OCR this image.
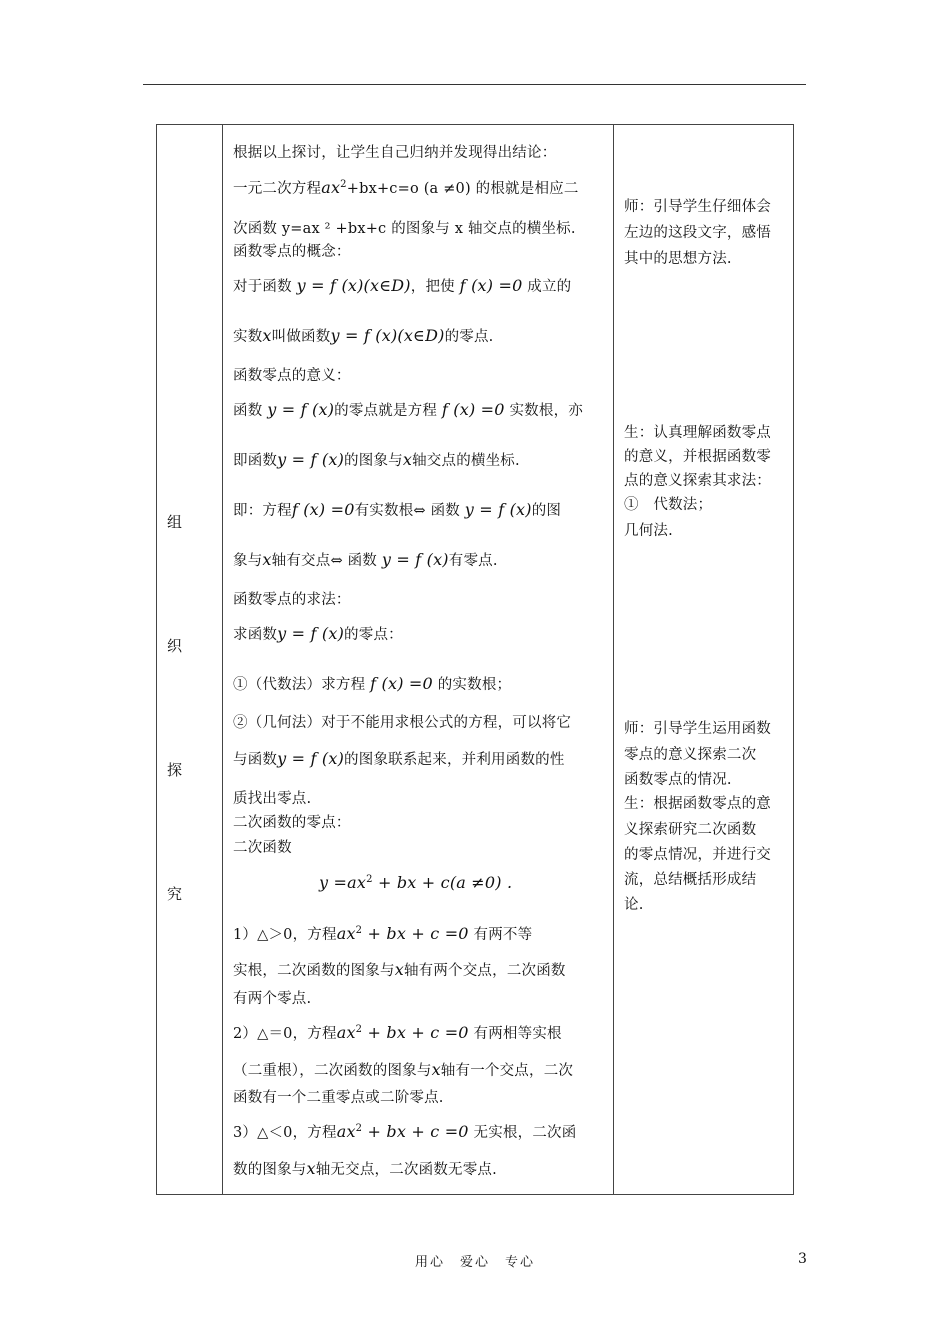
组
织
探
究
根据以上探讨，让学生自己归纳并发现得出结论：
一元二次方程$ax^2+bx+c=o$ (a ≠0) 的根就是相应二
次函数 y=ax ² +bx+c 的图象与 x 轴交点的横坐标.
函数零点的概念：
对于函数 y = f (x)(x∈D)，把使 f (x) =0 成立的
实数x叫做函数y = f (x)(x∈D)的零点.
函数零点的意义：
函数 y = f (x)的零点就是方程 f (x) =0 实数根，亦
即函数y = f (x)的图象与x轴交点的横坐标.
即：方程f (x) =0有实数根⇔ 函数 y = f (x)的图
象与x轴有交点⇔ 函数 y = f (x)有零点.
函数零点的求法：
求函数y = f (x)的零点：
①（代数法）求方程 f (x) =0 的实数根；
②（几何法）对于不能用求根公式的方程，可以将它
与函数y = f (x)的图象联系起来，并利用函数的性
质找出零点.
二次函数的零点：
二次函数
$y =ax^2$ + bx + c(a ≠0) .
1）△＞0，方程$ax^2$ + bx + c =0 有两不等
实根，二次函数的图象与x轴有两个交点，二次函数
有两个零点.
2）△＝0，方程$ax^2$ + bx + c =0 有两相等实根
（二重根），二次函数的图象与x轴有一个交点，二次
函数有一个二重零点或二阶零点.
3）△＜0，方程$ax^2$ + bx + c =0 无实根，二次函
数的图象与x轴无交点，二次函数无零点.
师：引导学生仔细体会
左边的这段文字，感悟
其中的思想方法.
生：认真理解函数零点
的意义，并根据函数零
点的意义探索其求法：
①　代数法；
几何法.
师：引导学生运用函数
零点的意义探索二次
函数零点的情况.
生：根据函数零点的意
义探索研究二次函数
的零点情况，并进行交
流，总结概括形成结
论.
用心　爱心　专心	3
